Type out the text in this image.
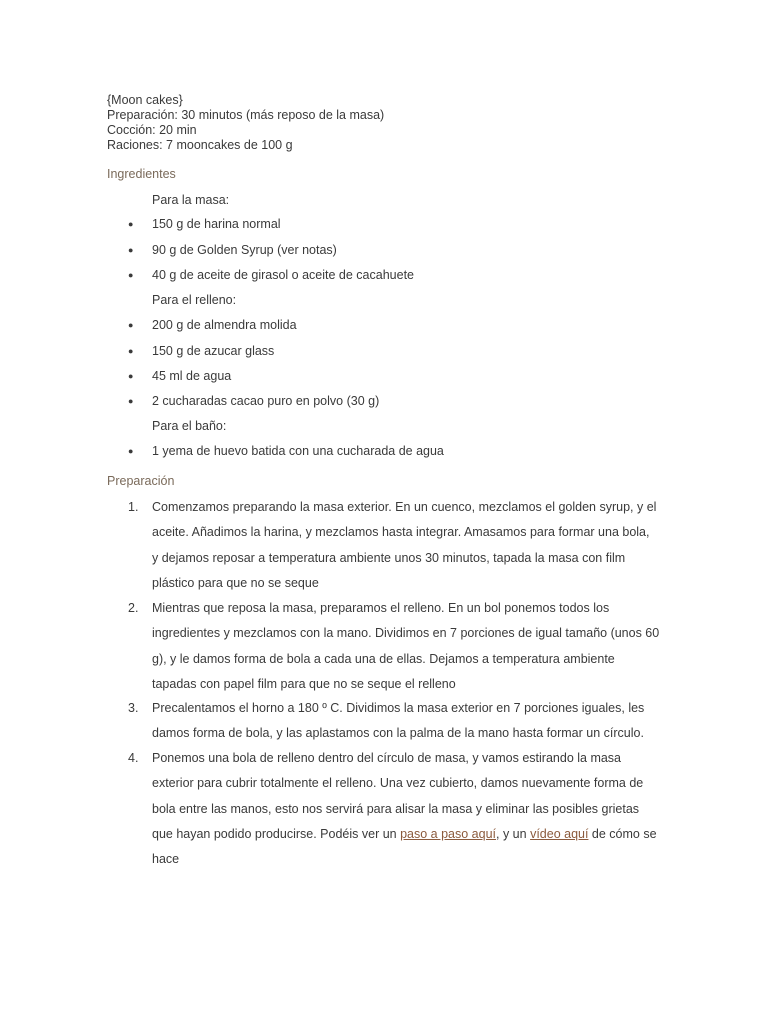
{Moon cakes}
Preparación: 30 minutos (más reposo de la masa)
Cocción: 20 min
Raciones: 7 mooncakes de 100 g
Ingredientes
Para la masa:
● 150 g de harina normal
● 90 g de Golden Syrup (ver notas)
● 40 g de aceite de girasol o aceite de cacahuete
Para el relleno:
● 200 g de almendra molida
● 150 g de azucar glass
● 45 ml de agua
● 2 cucharadas cacao puro en polvo (30 g)
Para el baño:
● 1 yema de huevo batida con una cucharada de agua
Preparación
1. Comenzamos preparando la masa exterior. En un cuenco, mezclamos el golden syrup, y el
aceite. Añadimos la harina, y mezclamos hasta integrar. Amasamos para formar una bola,
y dejamos reposar a temperatura ambiente unos 30 minutos, tapada la masa con film
plástico para que no se seque
2. Mientras que reposa la masa, preparamos el relleno. En un bol ponemos todos los
ingredientes y mezclamos con la mano. Dividimos en 7 porciones de igual tamaño (unos 60
g), y le damos forma de bola a cada una de ellas. Dejamos a temperatura ambiente
tapadas con papel film para que no se seque el relleno
3. Precalentamos el horno a 180 º C. Dividimos la masa exterior en 7 porciones iguales, les
damos forma de bola, y las aplastamos con la palma de la mano hasta formar un círculo.
4. Ponemos una bola de relleno dentro del círculo de masa, y vamos estirando la masa
exterior para cubrir totalmente el relleno. Una vez cubierto, damos nuevamente forma de
bola entre las manos, esto nos servirá para alisar la masa y eliminar las posibles grietas
que hayan podido producirse. Podéis ver un paso a paso aquí, y un vídeo aquí de cómo se
hace
